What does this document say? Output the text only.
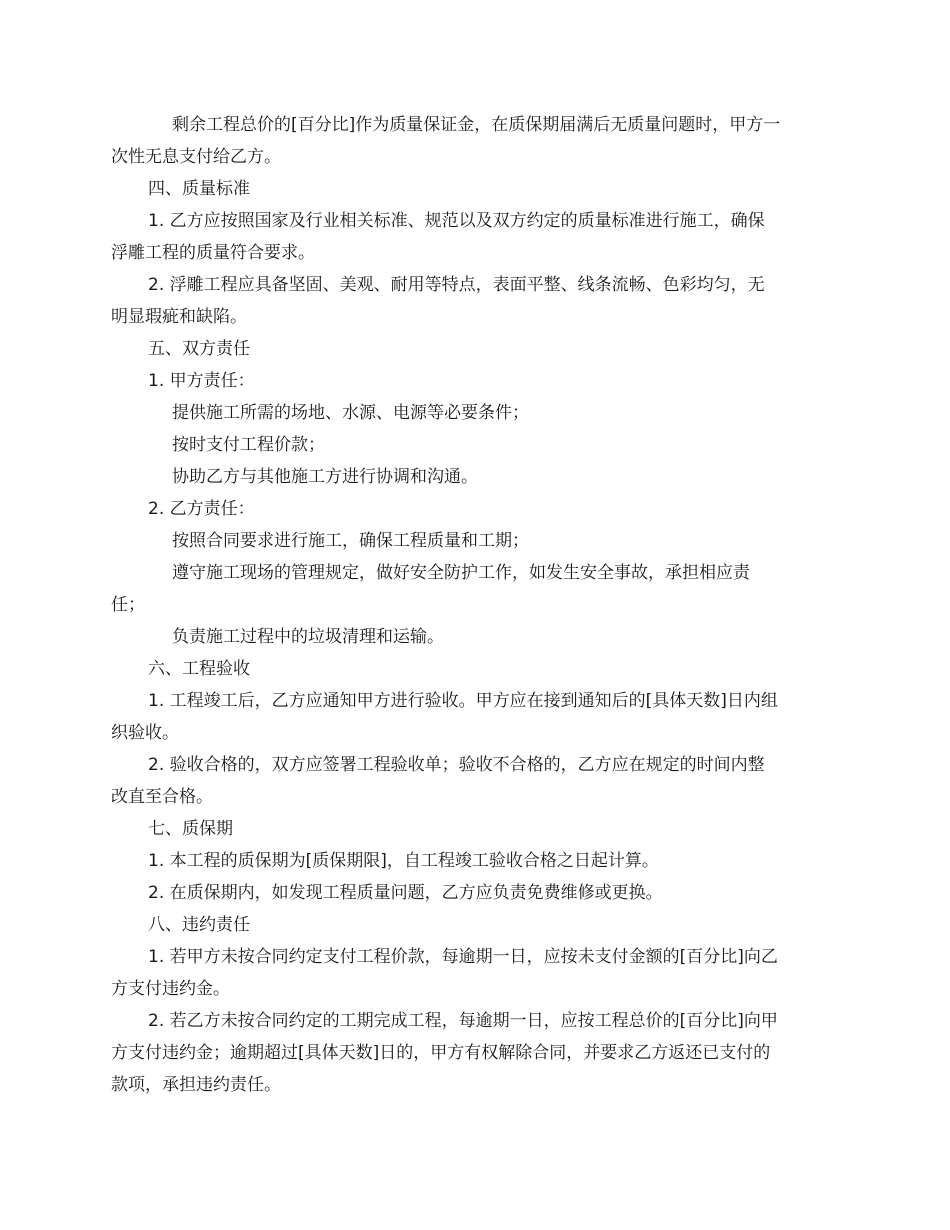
剩余工程总价的[百分比]作为质量保证金，在质保期届满后无质量问题时，甲方一
次性无息支付给乙方。
四、质量标准
1. 乙方应按照国家及行业相关标准、规范以及双方约定的质量标准进行施工，确保
浮雕工程的质量符合要求。
2. 浮雕工程应具备坚固、美观、耐用等特点，表面平整、线条流畅、色彩均匀，无
明显瑕疵和缺陷。
五、双方责任
1. 甲方责任：
提供施工所需的场地、水源、电源等必要条件；
按时支付工程价款；
协助乙方与其他施工方进行协调和沟通。
2. 乙方责任：
按照合同要求进行施工，确保工程质量和工期；
遵守施工现场的管理规定，做好安全防护工作，如发生安全事故，承担相应责
任；
负责施工过程中的垃圾清理和运输。
六、工程验收
1. 工程竣工后，乙方应通知甲方进行验收。甲方应在接到通知后的[具体天数]日内组
织验收。
2. 验收合格的，双方应签署工程验收单；验收不合格的，乙方应在规定的时间内整
改直至合格。
七、质保期
1. 本工程的质保期为[质保期限]，自工程竣工验收合格之日起计算。
2. 在质保期内，如发现工程质量问题，乙方应负责免费维修或更换。
八、违约责任
1. 若甲方未按合同约定支付工程价款，每逾期一日，应按未支付金额的[百分比]向乙
方支付违约金。
2. 若乙方未按合同约定的工期完成工程，每逾期一日，应按工程总价的[百分比]向甲
方支付违约金；逾期超过[具体天数]日的，甲方有权解除合同，并要求乙方返还已支付的
款项，承担违约责任。
